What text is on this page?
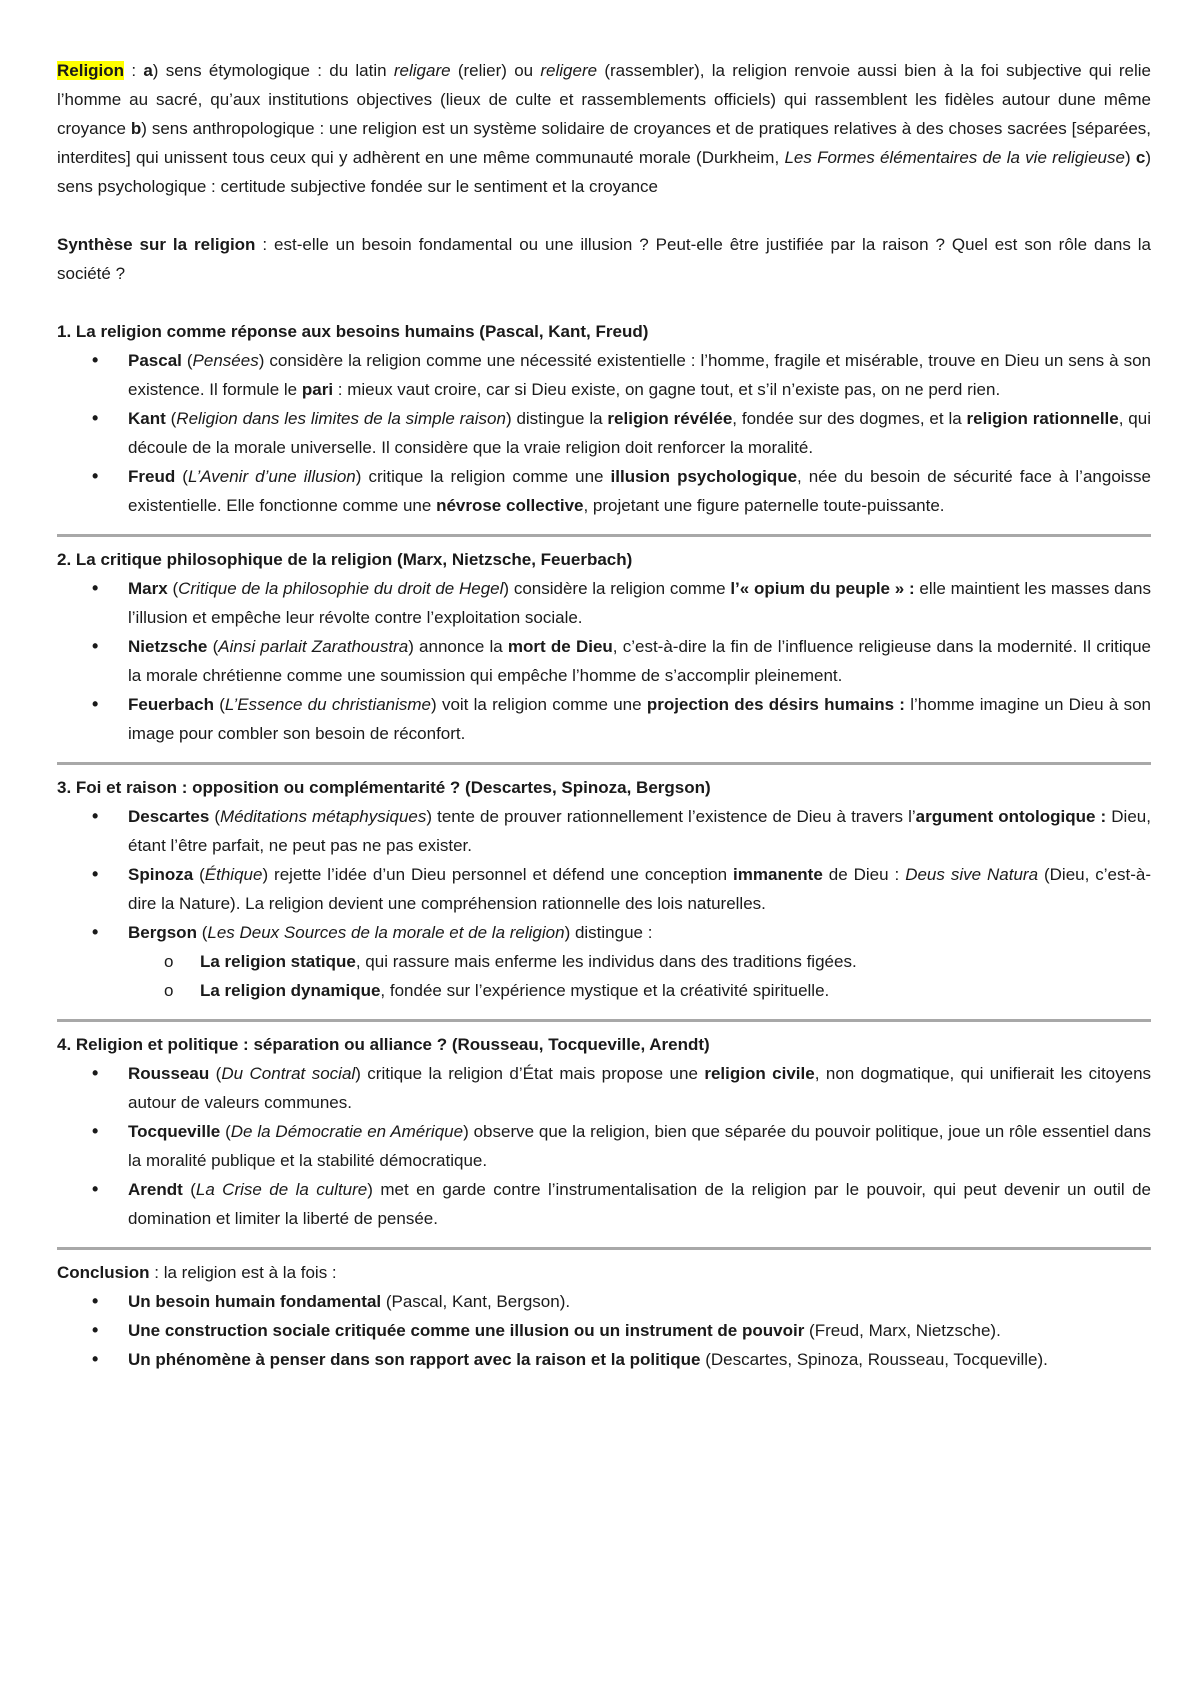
Religion : a) sens étymologique : du latin religare (relier) ou religere (rassembler), la religion renvoie aussi bien à la foi subjective qui relie l’homme au sacré, qu’aux institutions objectives (lieux de culte et rassemblements officiels) qui rassemblent les fidèles autour dune même croyance b) sens anthropologique : une religion est un système solidaire de croyances et de pratiques relatives à des choses sacrées [séparées, interdites] qui unissent tous ceux qui y adhèrent en une même communauté morale (Durkheim, Les Formes élémentaires de la vie religieuse) c) sens psychologique : certitude subjective fondée sur le sentiment et la croyance

Synthèse sur la religion : est-elle un besoin fondamental ou une illusion ? Peut-elle être justifiée par la raison ? Quel est son rôle dans la société ?

1. La religion comme réponse aux besoins humains (Pascal, Kant, Freud)
• Pascal (Pensées) considère la religion comme une nécessité existentielle : l’homme, fragile et misérable, trouve en Dieu un sens à son existence. Il formule le pari : mieux vaut croire, car si Dieu existe, on gagne tout, et s’il n’existe pas, on ne perd rien.
• Kant (Religion dans les limites de la simple raison) distingue la religion révélée, fondée sur des dogmes, et la religion rationnelle, qui découle de la morale universelle. Il considère que la vraie religion doit renforcer la moralité.
• Freud (L’Avenir d’une illusion) critique la religion comme une illusion psychologique, née du besoin de sécurité face à l’angoisse existentielle. Elle fonctionne comme une névrose collective, projetant une figure paternelle toute-puissante.
2. La critique philosophique de la religion (Marx, Nietzsche, Feuerbach)
• Marx (Critique de la philosophie du droit de Hegel) considère la religion comme l’« opium du peuple » : elle maintient les masses dans l’illusion et empêche leur révolte contre l’exploitation sociale.
• Nietzsche (Ainsi parlait Zarathoustra) annonce la mort de Dieu, c’est-à-dire la fin de l’influence religieuse dans la modernité. Il critique la morale chrétienne comme une soumission qui empêche l’homme de s’accomplir pleinement.
• Feuerbach (L’Essence du christianisme) voit la religion comme une projection des désirs humains : l’homme imagine un Dieu à son image pour combler son besoin de réconfort.
3. Foi et raison : opposition ou complémentarité ? (Descartes, Spinoza, Bergson)
• Descartes (Méditations métaphysiques) tente de prouver rationnellement l’existence de Dieu à travers l’argument ontologique : Dieu, étant l’être parfait, ne peut pas ne pas exister.
• Spinoza (Éthique) rejette l’idée d’un Dieu personnel et défend une conception immanente de Dieu : Deus sive Natura (Dieu, c’est-à-dire la Nature). La religion devient une compréhension rationnelle des lois naturelles.
• Bergson (Les Deux Sources de la morale et de la religion) distingue :
o La religion statique, qui rassure mais enferme les individus dans des traditions figées.
o La religion dynamique, fondée sur l’expérience mystique et la créativité spirituelle.
4. Religion et politique : séparation ou alliance ? (Rousseau, Tocqueville, Arendt)
• Rousseau (Du Contrat social) critique la religion d’État mais propose une religion civile, non dogmatique, qui unifierait les citoyens autour de valeurs communes.
• Tocqueville (De la Démocratie en Amérique) observe que la religion, bien que séparée du pouvoir politique, joue un rôle essentiel dans la moralité publique et la stabilité démocratique.
• Arendt (La Crise de la culture) met en garde contre l’instrumentalisation de la religion par le pouvoir, qui peut devenir un outil de domination et limiter la liberté de pensée.

Conclusion : la religion est à la fois :

• Un besoin humain fondamental (Pascal, Kant, Bergson).
• Une construction sociale critiquée comme une illusion ou un instrument de pouvoir (Freud, Marx, Nietzsche).
• Un phénomène à penser dans son rapport avec la raison et la politique (Descartes, Spinoza, Rousseau, Tocqueville).
